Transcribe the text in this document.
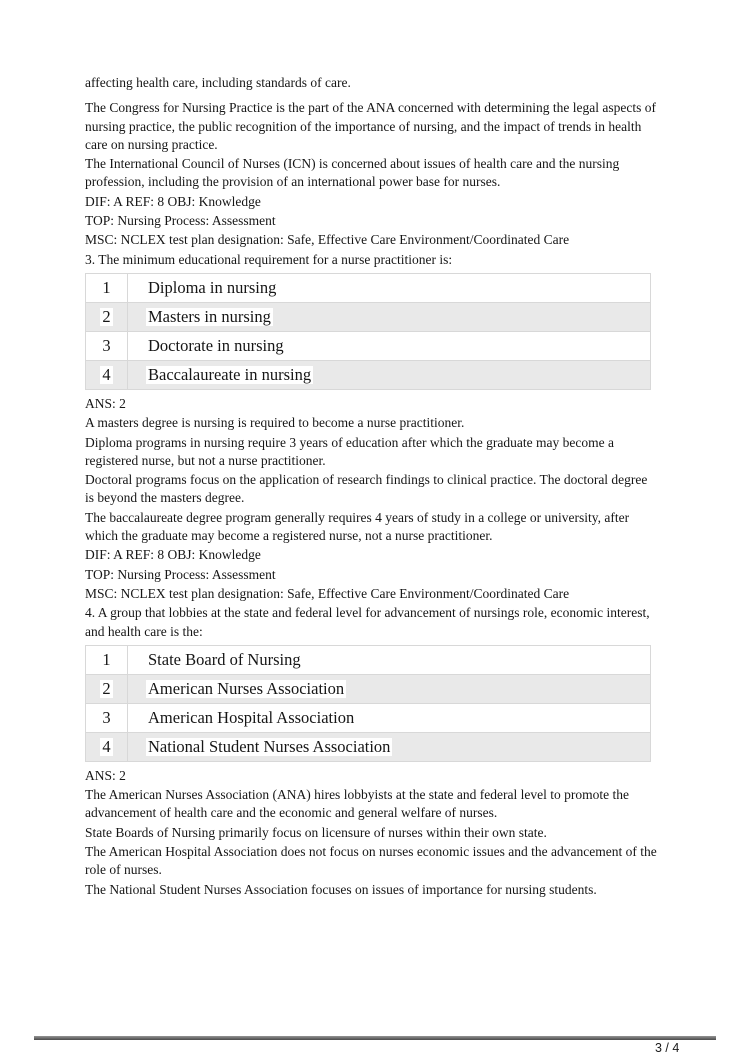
affecting health care, including standards of care.

The Congress for Nursing Practice is the part of the ANA concerned with determining the legal aspects of nursing practice, the public recognition of the importance of nursing, and the impact of trends in health care on nursing practice.

The International Council of Nurses (ICN) is concerned about issues of health care and the nursing profession, including the provision of an international power base for nurses.

DIF: A REF: 8 OBJ: Knowledge

TOP: Nursing Process: Assessment

MSC: NCLEX test plan designation: Safe, Effective Care Environment/Coordinated Care

3. The minimum educational requirement for a nurse practitioner is:

1 Diploma in nursing
2 Masters in nursing
3 Doctorate in nursing
4 Baccalaureate in nursing

ANS: 2

A masters degree is nursing is required to become a nurse practitioner.

Diploma programs in nursing require 3 years of education after which the graduate may become a registered nurse, but not a nurse practitioner.

Doctoral programs focus on the application of research findings to clinical practice. The doctoral degree is beyond the masters degree.

The baccalaureate degree program generally requires 4 years of study in a college or university, after which the graduate may become a registered nurse, not a nurse practitioner.

DIF: A REF: 8 OBJ: Knowledge

TOP: Nursing Process: Assessment

MSC: NCLEX test plan designation: Safe, Effective Care Environment/Coordinated Care

4. A group that lobbies at the state and federal level for advancement of nursings role, economic interest, and health care is the:

1 State Board of Nursing
2 American Nurses Association
3 American Hospital Association
4 National Student Nurses Association

ANS: 2

The American Nurses Association (ANA) hires lobbyists at the state and federal level to promote the advancement of health care and the economic and general welfare of nurses.

State Boards of Nursing primarily focus on licensure of nurses within their own state.

The American Hospital Association does not focus on nurses economic issues and the advancement of the role of nurses.

The National Student Nurses Association focuses on issues of importance for nursing students.

3 / 4
